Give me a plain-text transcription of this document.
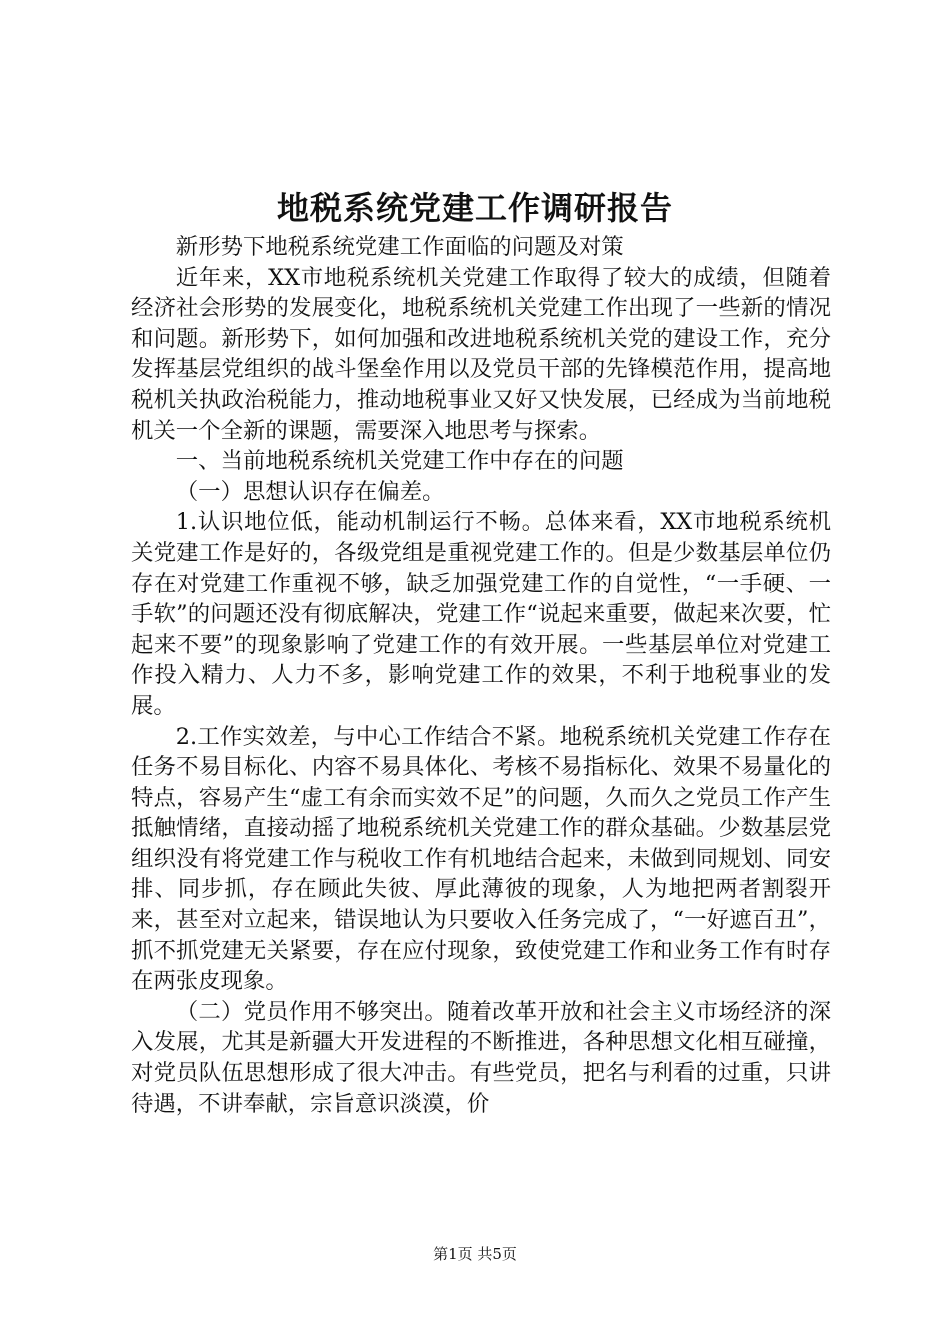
地税系统党建工作调研报告

新形势下地税系统党建工作面临的问题及对策

近年来，XX市地税系统机关党建工作取得了较大的成绩，但随着经济社会形势的发展变化，地税系统机关党建工作出现了一些新的情况和问题。新形势下，如何加强和改进地税系统机关党的建设工作，充分发挥基层党组织的战斗堡垒作用以及党员干部的先锋模范作用，提高地税机关执政治税能力，推动地税事业又好又快发展，已经成为当前地税机关一个全新的课题，需要深入地思考与探索。

一、当前地税系统机关党建工作中存在的问题

（一）思想认识存在偏差。

1.认识地位低，能动机制运行不畅。总体来看，XX市地税系统机关党建工作是好的，各级党组是重视党建工作的。但是少数基层单位仍存在对党建工作重视不够，缺乏加强党建工作的自觉性，“一手硬、一手软”的问题还没有彻底解决，党建工作“说起来重要，做起来次要，忙起来不要”的现象影响了党建工作的有效开展。一些基层单位对党建工作投入精力、人力不多，影响党建工作的效果，不利于地税事业的发展。

2.工作实效差，与中心工作结合不紧。地税系统机关党建工作存在任务不易目标化、内容不易具体化、考核不易指标化、效果不易量化的特点，容易产生“虚工有余而实效不足”的问题，久而久之党员工作产生抵触情绪，直接动摇了地税系统机关党建工作的群众基础。少数基层党组织没有将党建工作与税收工作有机地结合起来，未做到同规划、同安排、同步抓，存在顾此失彼、厚此薄彼的现象，人为地把两者割裂开来，甚至对立起来，错误地认为只要收入任务完成了，“一好遮百丑”，抓不抓党建无关紧要，存在应付现象，致使党建工作和业务工作有时存在两张皮现象。

（二）党员作用不够突出。随着改革开放和社会主义市场经济的深入发展，尤其是新疆大开发进程的不断推进，各种思想文化相互碰撞，对党员队伍思想形成了很大冲击。有些党员，把名与利看的过重，只讲待遇，不讲奉献，宗旨意识淡漠，价

第1页 共5页
